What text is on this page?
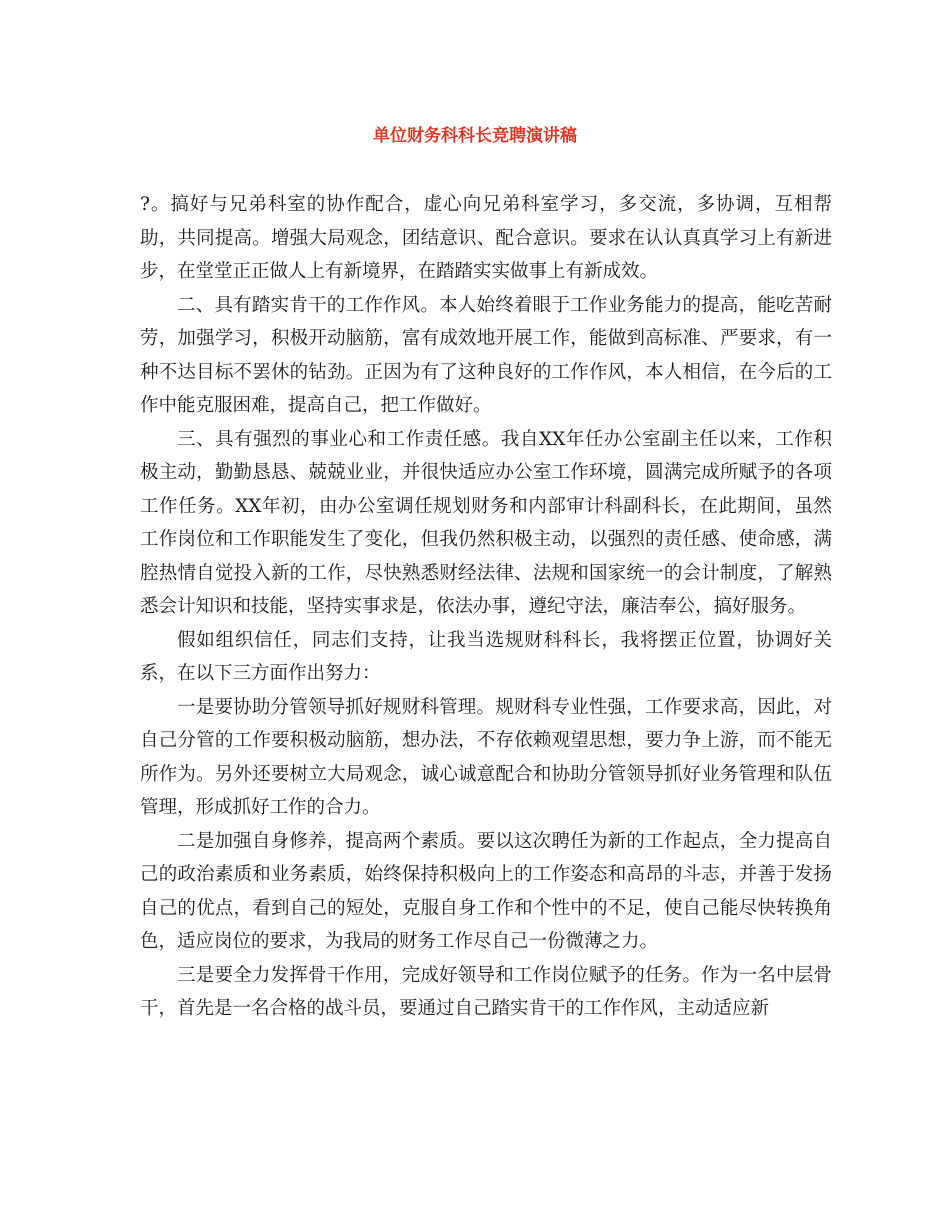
单位财务科科长竞聘演讲稿

?。搞好与兄弟科室的协作配合，虚心向兄弟科室学习，多交流，多协调，互相帮助，共同提高。增强大局观念，团结意识、配合意识。要求在认认真真学习上有新进步，在堂堂正正做人上有新境界，在踏踏实实做事上有新成效。

二、具有踏实肯干的工作作风。本人始终着眼于工作业务能力的提高，能吃苦耐劳，加强学习，积极开动脑筋，富有成效地开展工作，能做到高标准、严要求，有一种不达目标不罢休的钻劲。正因为有了这种良好的工作作风，本人相信，在今后的工作中能克服困难，提高自己，把工作做好。

三、具有强烈的事业心和工作责任感。我自XX年任办公室副主任以来，工作积极主动，勤勤恳恳、兢兢业业，并很快适应办公室工作环境，圆满完成所赋予的各项工作任务。XX年初，由办公室调任规划财务和内部审计科副科长，在此期间，虽然工作岗位和工作职能发生了变化，但我仍然积极主动，以强烈的责任感、使命感，满腔热情自觉投入新的工作，尽快熟悉财经法律、法规和国家统一的会计制度，了解熟悉会计知识和技能，坚持实事求是，依法办事，遵纪守法，廉洁奉公，搞好服务。

假如组织信任，同志们支持，让我当选规财科科长，我将摆正位置，协调好关系，在以下三方面作出努力：

一是要协助分管领导抓好规财科管理。规财科专业性强，工作要求高，因此，对自己分管的工作要积极动脑筋，想办法，不存依赖观望思想，要力争上游，而不能无所作为。另外还要树立大局观念，诚心诚意配合和协助分管领导抓好业务管理和队伍管理，形成抓好工作的合力。

二是加强自身修养，提高两个素质。要以这次聘任为新的工作起点，全力提高自己的政治素质和业务素质，始终保持积极向上的工作姿态和高昂的斗志，并善于发扬自己的优点，看到自己的短处，克服自身工作和个性中的不足，使自己能尽快转换角色，适应岗位的要求，为我局的财务工作尽自己一份微薄之力。

三是要全力发挥骨干作用，完成好领导和工作岗位赋予的任务。作为一名中层骨干，首先是一名合格的战斗员，要通过自己踏实肯干的工作作风，主动适应新
